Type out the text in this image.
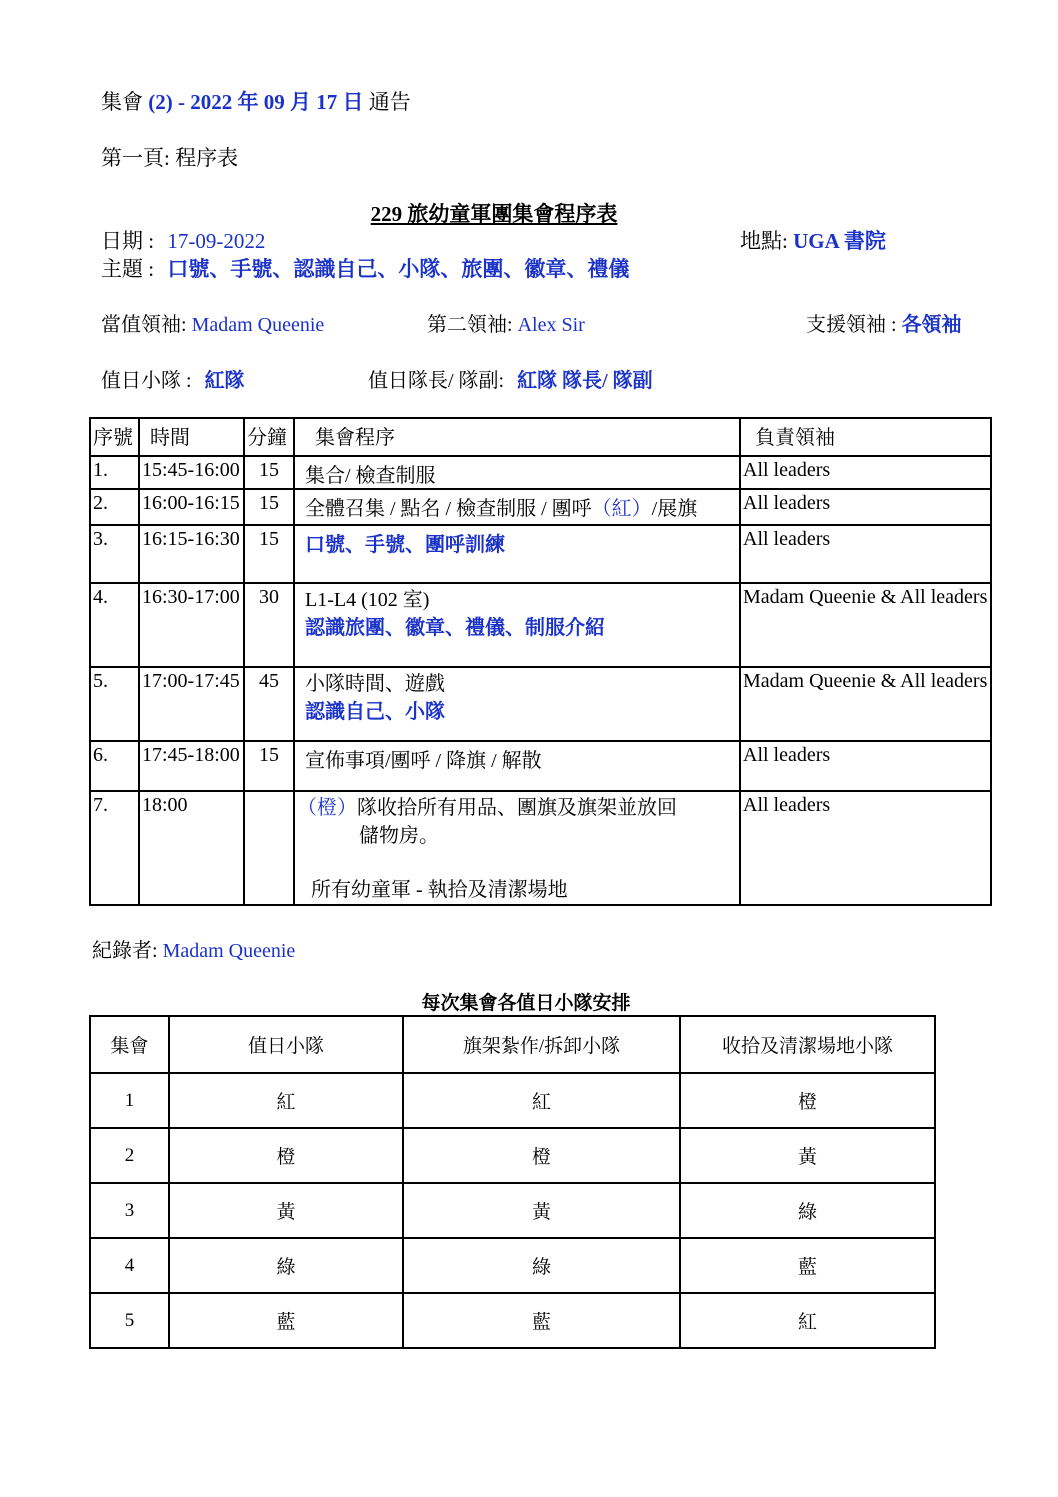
集會 (2) - 2022 年 09 月 17 日 通告
第一頁: 程序表
229 旅幼童軍團集會程序表
日期 : 17-09-2022	地點: UGA 書院
主題 : 口號、手號、認識自己、小隊、旅團、徽章、禮儀
當值領袖: Madam Queenie	第二領袖: Alex Sir	支援領袖 : 各領袖
值日小隊 : 紅隊	值日隊長/ 隊副: 紅隊 隊長/ 隊副
序號	時間	分鐘	集會程序	負責領袖
1.	15:45-16:00	15	集合/ 檢查制服	All leaders
2.	16:00-16:15	15	全體召集 / 點名 / 檢查制服 / 團呼（紅）/展旗	All leaders
3.	16:15-16:30	15	口號、手號、團呼訓練	All leaders
4.	16:30-17:00	30	L1-L4 (102 室)
認識旅團、徽章、禮儀、制服介紹	Madam Queenie & All leaders
5.	17:00-17:45	45	小隊時間、遊戲
認識自己、小隊	Madam Queenie & All leaders
6.	17:45-18:00	15	宣佈事項/團呼 / 降旗 / 解散	All leaders
7.	18:00		（橙）隊收拾所有用品、團旗及旗架並放回
儲物房。
所有幼童軍 - 執拾及清潔場地	All leaders
紀錄者: Madam Queenie
每次集會各值日小隊安排
集會	值日小隊	旗架紮作/拆卸小隊	收拾及清潔場地小隊
1	紅	紅	橙
2	橙	橙	黃
3	黃	黃	綠
4	綠	綠	藍
5	藍	藍	紅
